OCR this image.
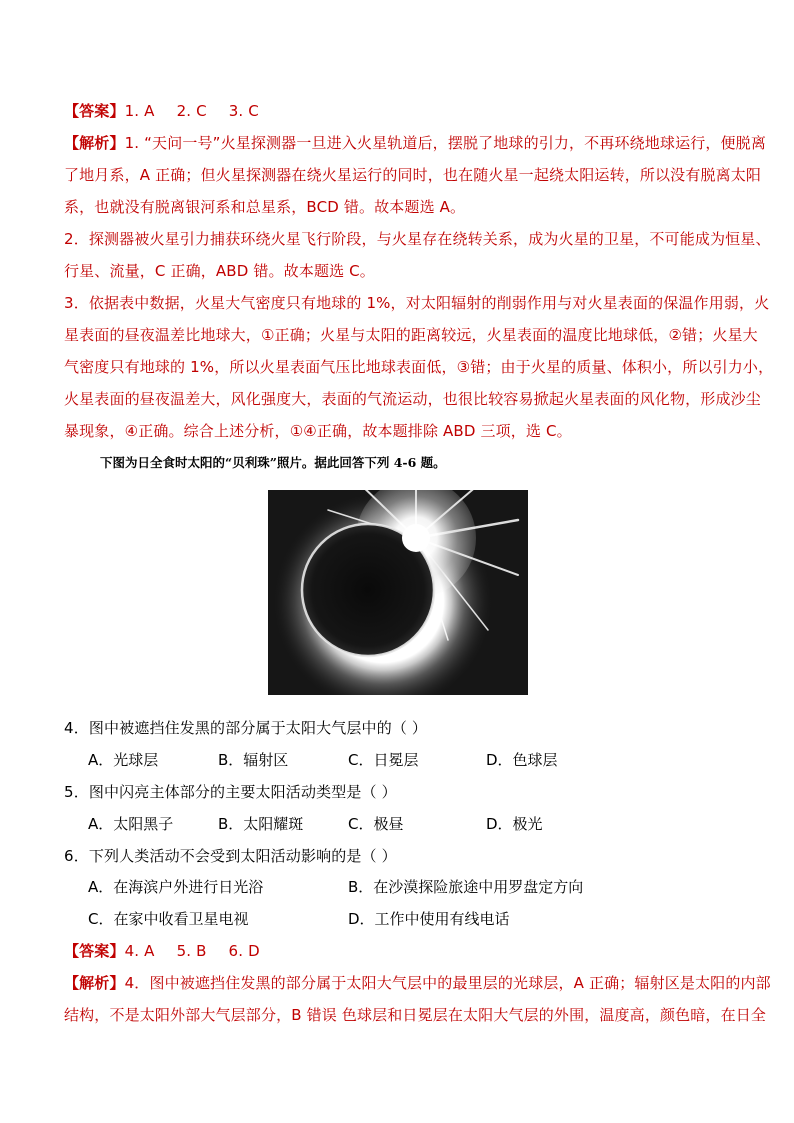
【答案】1. A 2. C 3. C
【解析】1. “天问一号”火星探测器一旦进入火星轨道后，摆脱了地球的引力，不再环绕地球运行，便脱离
了地月系，A 正确；但火星探测器在绕火星运行的同时，也在随火星一起绕太阳运转，所以没有脱离太阳
系，也就没有脱离银河系和总星系，BCD 错。故本题选 A。
2．探测器被火星引力捕获环绕火星飞行阶段，与火星存在绕转关系，成为火星的卫星，不可能成为恒星、
行星、流量，C 正确，ABD 错。故本题选 C。
3．依据表中数据，火星大气密度只有地球的 1%，对太阳辐射的削弱作用与对火星表面的保温作用弱，火
星表面的昼夜温差比地球大，①正确；火星与太阳的距离较远，火星表面的温度比地球低，②错；火星大
气密度只有地球的 1%，所以火星表面气压比地球表面低，③错；由于火星的质量、体积小，所以引力小，
火星表面的昼夜温差大，风化强度大，表面的气流运动，也很比较容易掀起火星表面的风化物，形成沙尘
暴现象，④正确。综合上述分析，①④正确，故本题排除 ABD 三项，选 C。
下图为日全食时太阳的“贝利珠”照片。据此回答下列 4-6 题。
4．图中被遮挡住发黑的部分属于太阳大气层中的（ ）
A．光球层	B．辐射区	C．日冕层	D．色球层
5．图中闪亮主体部分的主要太阳活动类型是（ ）
A．太阳黑子	B．太阳耀斑	C．极昼	D．极光
6．下列人类活动不会受到太阳活动影响的是（ ）
A．在海滨户外进行日光浴	B．在沙漠探险旅途中用罗盘定方向
C．在家中收看卫星电视	D．工作中使用有线电话
【答案】4. A 5. B 6. D
【解析】4．图中被遮挡住发黑的部分属于太阳大气层中的最里层的光球层，A 正确；辐射区是太阳的内部
结构，不是太阳外部大气层部分，B 错误 色球层和日冕层在太阳大气层的外围，温度高，颜色暗，在日全
